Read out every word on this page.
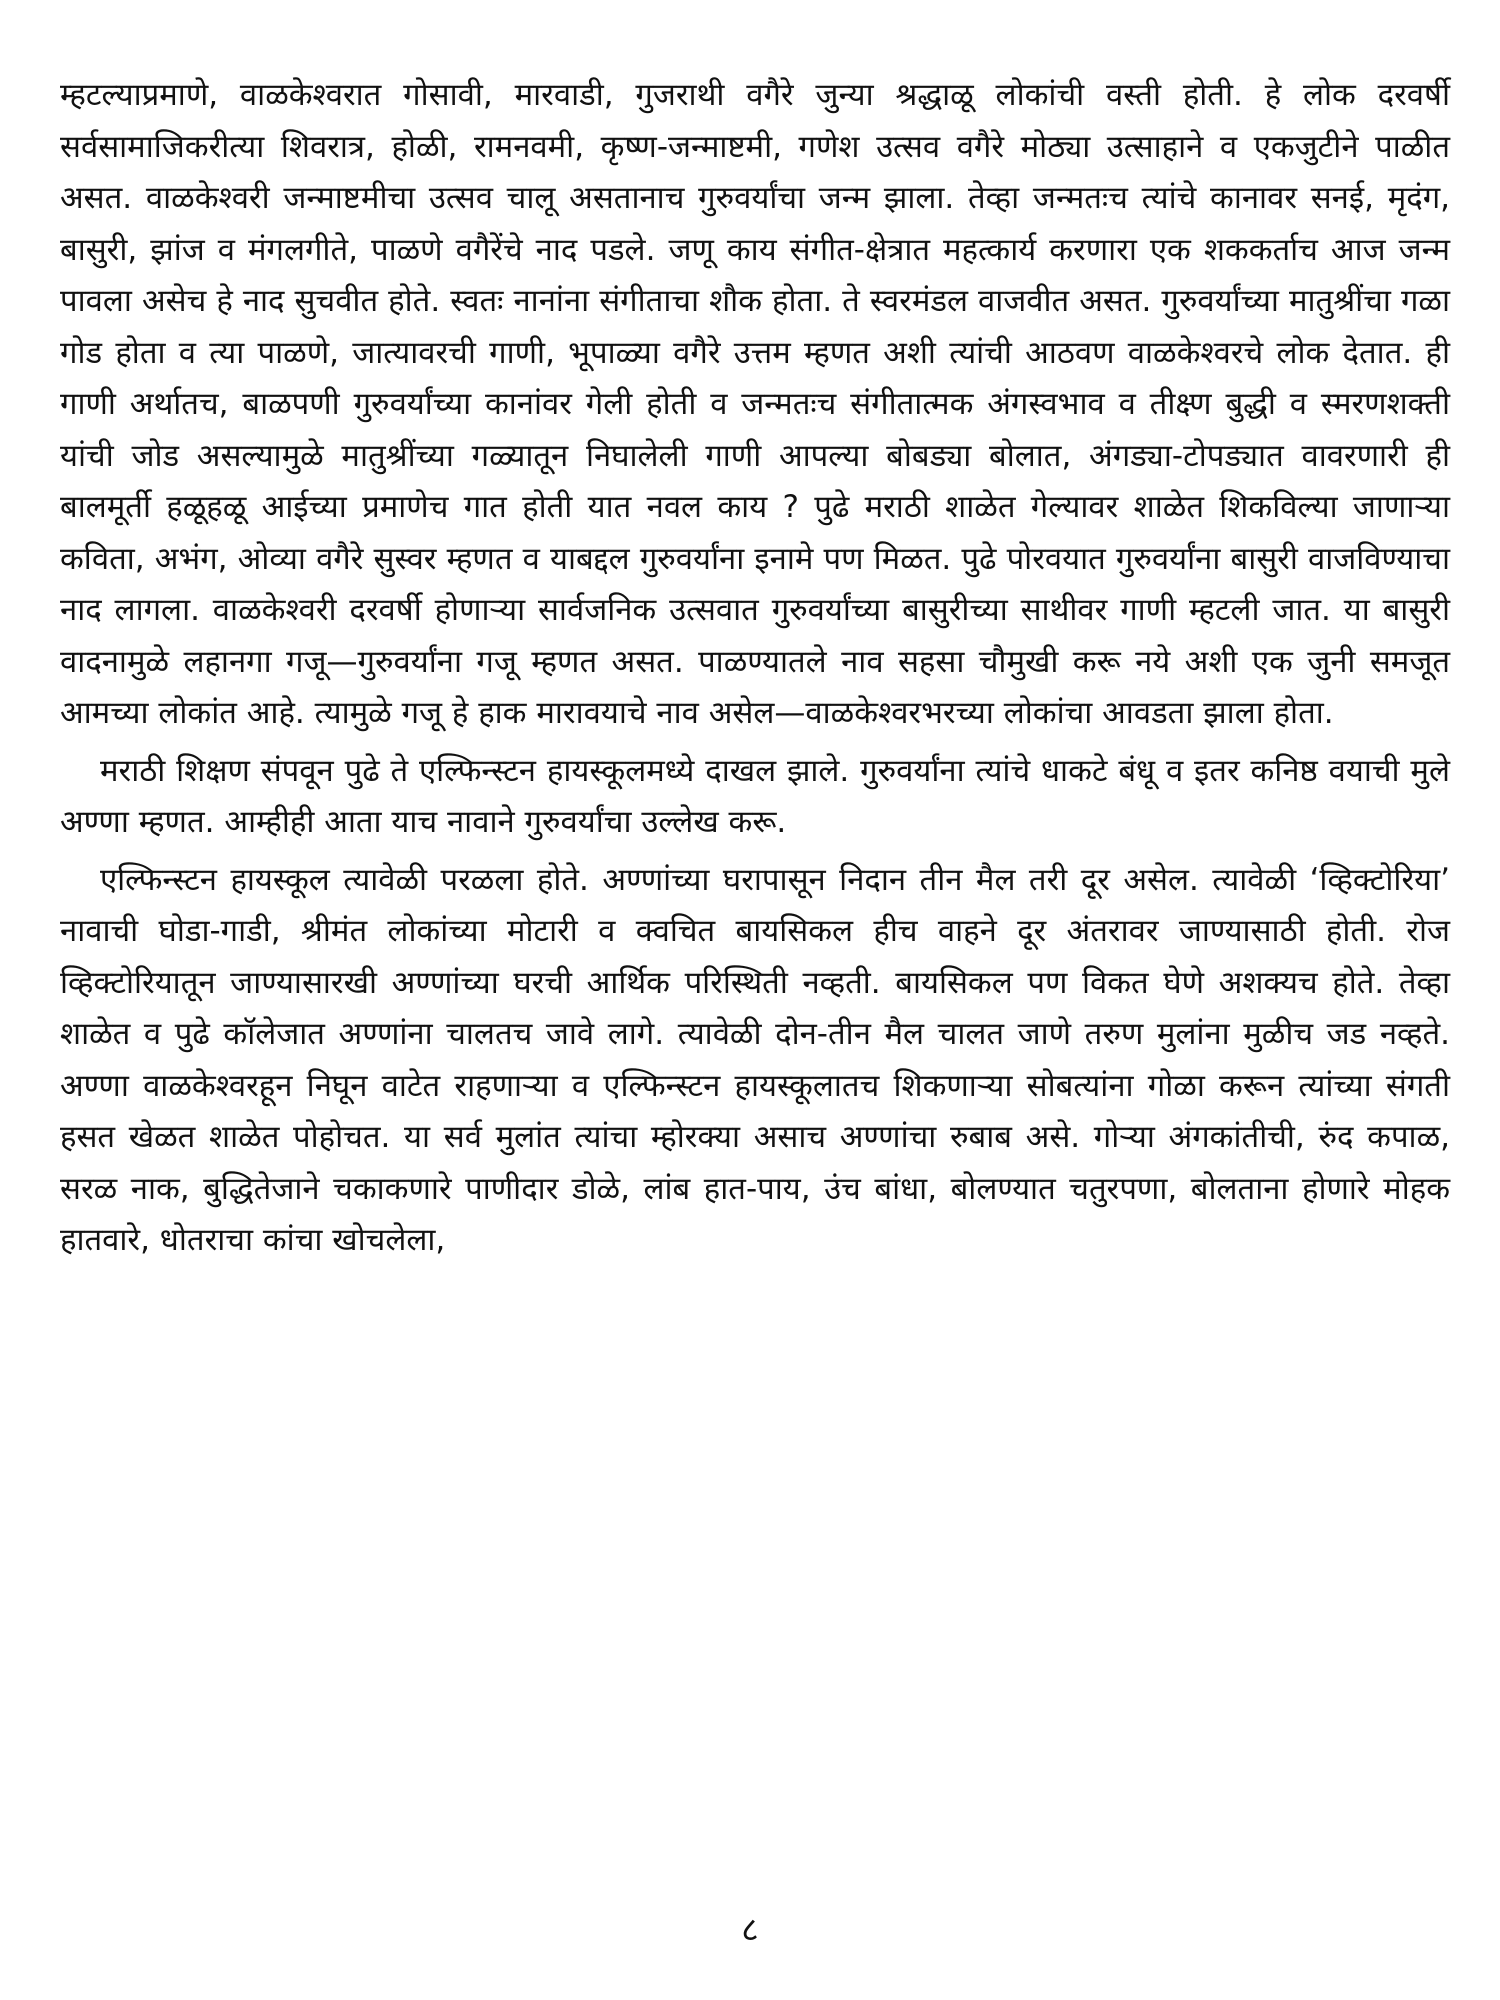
म्हटल्याप्रमाणे, वाळकेश्वरात गोसावी, मारवाडी, गुजराथी वगैरे जुन्या श्रद्धाळू लोकांची वस्ती होती. हे लोक दरवर्षी सर्वसामाजिकरीत्या शिवरात्र, होळी, रामनवमी, कृष्ण-जन्माष्टमी, गणेश उत्सव वगैरे मोठ्या उत्साहाने व एकजुटीने पाळीत असत. वाळकेश्वरी जन्माष्टमीचा उत्सव चालू असतानाच गुरुवर्यांचा जन्म झाला. तेव्हा जन्मतःच त्यांचे कानावर सनई, मृदंग, बासुरी, झांज व मंगलगीते, पाळणे वगैरेंचे नाद पडले. जणू काय संगीत-क्षेत्रात महत्कार्य करणारा एक शककर्ताच आज जन्म पावला असेच हे नाद सुचवीत होते. स्वतः नानांना संगीताचा शौक होता. ते स्वरमंडल वाजवीत असत. गुरुवर्यांच्या मातुश्रींचा गळा गोड होता व त्या पाळणे, जात्यावरची गाणी, भूपाळ्या वगैरे उत्तम म्हणत अशी त्यांची आठवण वाळकेश्वरचे लोक देतात. ही गाणी अर्थातच, बाळपणी गुरुवर्यांच्या कानांवर गेली होती व जन्मतःच संगीतात्मक अंगस्वभाव व तीक्ष्ण बुद्धी व स्मरणशक्ती यांची जोड असल्यामुळे मातुश्रींच्या गळ्यातून निघालेली गाणी आपल्या बोबड्या बोलात, अंगड्या-टोपड्यात वावरणारी ही बालमूर्ती हळूहळू आईच्या प्रमाणेच गात होती यात नवल काय ? पुढे मराठी शाळेत गेल्यावर शाळेत शिकविल्या जाणाऱ्या कविता, अभंग, ओव्या वगैरे सुस्वर म्हणत व याबद्दल गुरुवर्यांना इनामे पण मिळत. पुढे पोरवयात गुरुवर्यांना बासुरी वाजविण्याचा नाद लागला. वाळकेश्वरी दरवर्षी होणाऱ्या सार्वजनिक उत्सवात गुरुवर्यांच्या बासुरीच्या साथीवर गाणी म्हटली जात. या बासुरी वादनामुळे लहानगा गजू—गुरुवर्यांना गजू म्हणत असत. पाळण्यातले नाव सहसा चौमुखी करू नये अशी एक जुनी समजूत आमच्या लोकांत आहे. त्यामुळे गजू हे हाक मारावयाचे नाव असेल—वाळकेश्वरभरच्या लोकांचा आवडता झाला होता.

मराठी शिक्षण संपवून पुढे ते एल्फिन्स्टन हायस्कूलमध्ये दाखल झाले. गुरुवर्यांना त्यांचे धाकटे बंधू व इतर कनिष्ठ वयाची मुले अण्णा म्हणत. आम्हीही आता याच नावाने गुरुवर्यांचा उल्लेख करू.

एल्फिन्स्टन हायस्कूल त्यावेळी परळला होते. अण्णांच्या घरापासून निदान तीन मैल तरी दूर असेल. त्यावेळी ‘व्हिक्टोरिया’ नावाची घोडा-गाडी, श्रीमंत लोकांच्या मोटारी व क्वचित बायसिकल हीच वाहने दूर अंतरावर जाण्यासाठी होती. रोज व्हिक्टोरियातून जाण्यासारखी अण्णांच्या घरची आर्थिक परिस्थिती नव्हती. बायसिकल पण विकत घेणे अशक्यच होते. तेव्हा शाळेत व पुढे कॉलेजात अण्णांना चालतच जावे लागे. त्यावेळी दोन-तीन मैल चालत जाणे तरुण मुलांना मुळीच जड नव्हते. अण्णा वाळकेश्वरहून निघून वाटेत राहणाऱ्या व एल्फिन्स्टन हायस्कूलातच शिकणाऱ्या सोबत्यांना गोळा करून त्यांच्या संगती हसत खेळत शाळेत पोहोचत. या सर्व मुलांत त्यांचा म्होरक्या असाच अण्णांचा रुबाब असे. गोऱ्या अंगकांतीची, रुंद कपाळ, सरळ नाक, बुद्धितेजाने चकाकणारे पाणीदार डोळे, लांब हात-पाय, उंच बांधा, बोलण्यात चतुरपणा, बोलताना होणारे मोहक हातवारे, धोतराचा कांचा खोचलेला,

८
